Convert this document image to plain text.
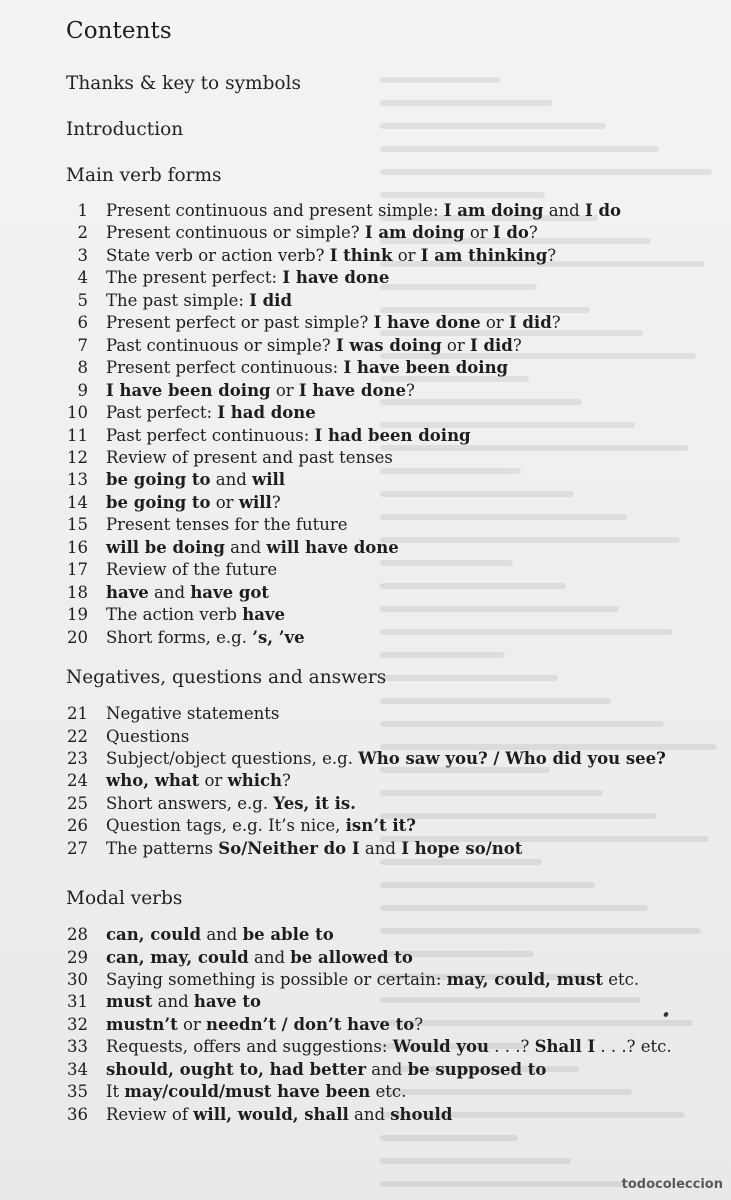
Contents
Thanks & key to symbols
Introduction
Main verb forms
Negatives, questions and answers
Modal verbs
1 Present continuous and present simple: I am doing and I do
2 Present continuous or simple? I am doing or I do?
3 State verb or action verb? I think or I am thinking?
4 The present perfect: I have done
5 The past simple: I did
6 Present perfect or past simple? I have done or I did?
7 Past continuous or simple? I was doing or I did?
8 Present perfect continuous: I have been doing
9 I have been doing or I have done?
10 Past perfect: I had done
11 Past perfect continuous: I had been doing
12 Review of present and past tenses
13 be going to and will
14 be going to or will?
15 Present tenses for the future
16 will be doing and will have done
17 Review of the future
18 have and have got
19 The action verb have
20 Short forms, e.g. ’s, ’ve
21 Negative statements
22 Questions
23 Subject/object questions, e.g. Who saw you? / Who did you see?
24 who, what or which?
25 Short answers, e.g. Yes, it is.
26 Question tags, e.g. It’s nice, isn’t it?
27 The patterns So/Neither do I and I hope so/not
28 can, could and be able to
29 can, may, could and be allowed to
30 Saying something is possible or certain: may, could, must etc.
31 must and have to
32 mustn’t or needn’t / don’t have to?
33 Requests, offers and suggestions: Would you . . .? Shall I . . .? etc.
34 should, ought to, had better and be supposed to
35 It may/could/must have been etc.
36 Review of will, would, shall and should
todocoleccion
